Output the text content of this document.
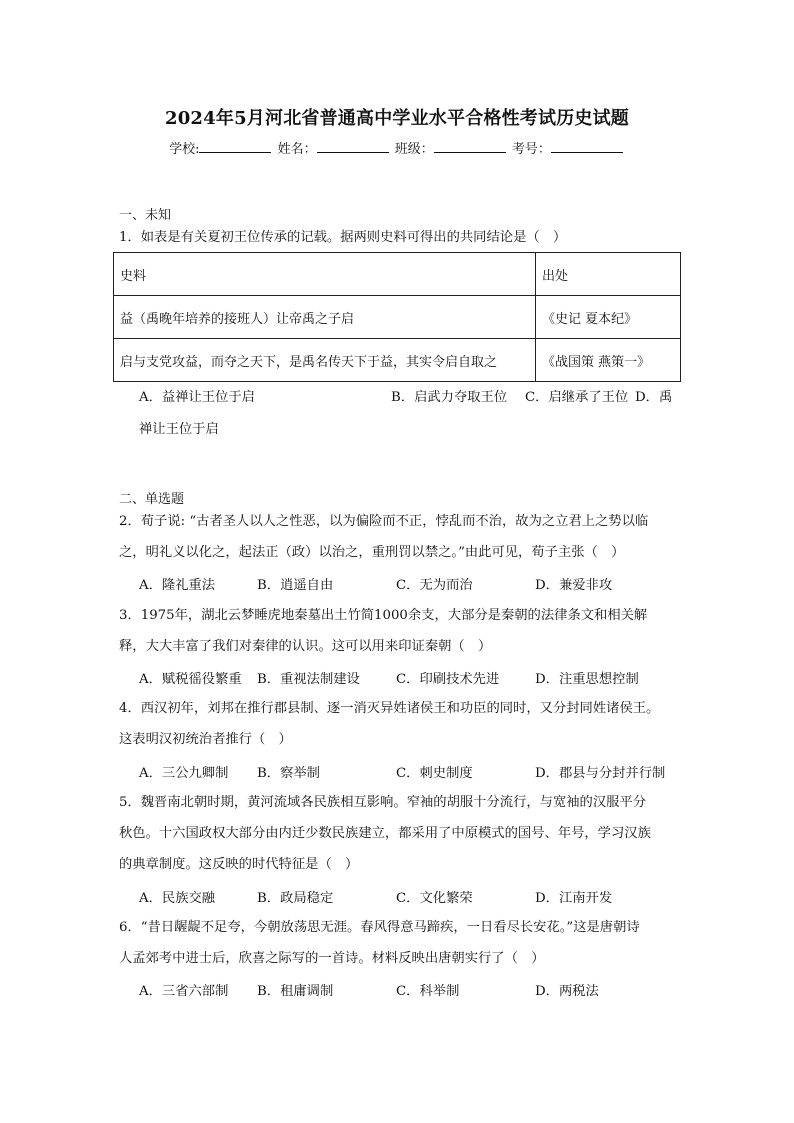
2024年5月河北省普通高中学业水平合格性考试历史试题
学校:	姓名：	班级：	考号：
一、未知
1．如表是有关夏初王位传承的记载。据两则史料可得出的共同结论是（　）
史料	出处
益（禹晚年培养的接班人）让帝禹之子启	《史记 夏本纪》
启与支党攻益，而夺之天下，是禹名传天下于益，其实令启自取之	《战国策 燕策一》
A．益禅让王位于启	B．启武力夺取王位 C．启继承了王位 D．禹
禅让王位于启
二、单选题

2．荀子说: “古者圣人以人之性恶，以为偏险而不正，悖乱而不治，故为之立君上之势以临

之，明礼义以化之，起法正（政）以治之，重刑罚以禁之。”由此可见，荀子主张（　）

A．隆礼重法	B．逍遥自由	C．无为而治	D．兼爱非攻

3．1975年，湖北云梦睡虎地秦墓出土竹简1000余支，大部分是秦朝的法律条文和相关解

释，大大丰富了我们对秦律的认识。这可以用来印证秦朝（　）

A．赋税徭役繁重 B．重视法制建设	C．印刷技术先进	D．注重思想控制

4．西汉初年，刘邦在推行郡县制、逐一消灭异姓诸侯王和功臣的同时，又分封同姓诸侯王。

这表明汉初统治者推行（　）

A．三公九卿制 B．察举制	C．刺史制度	D．郡县与分封并行制

5．魏晋南北朝时期，黄河流域各民族相互影响。窄袖的胡服十分流行，与宽袖的汉服平分

秋色。十六国政权大部分由内迁少数民族建立，都采用了中原模式的国号、年号，学习汉族

的典章制度。这反映的时代特征是（　）

A．民族交融	B．政局稳定	C．文化繁荣	D．江南开发

6．“昔日龌龊不足夸，今朝放荡思无涯。春风得意马蹄疾，一日看尽长安花。”这是唐朝诗

人孟郊考中进士后，欣喜之际写的一首诗。材料反映出唐朝实行了（　）

A．三省六部制 B．租庸调制	C．科举制	D．两税法
